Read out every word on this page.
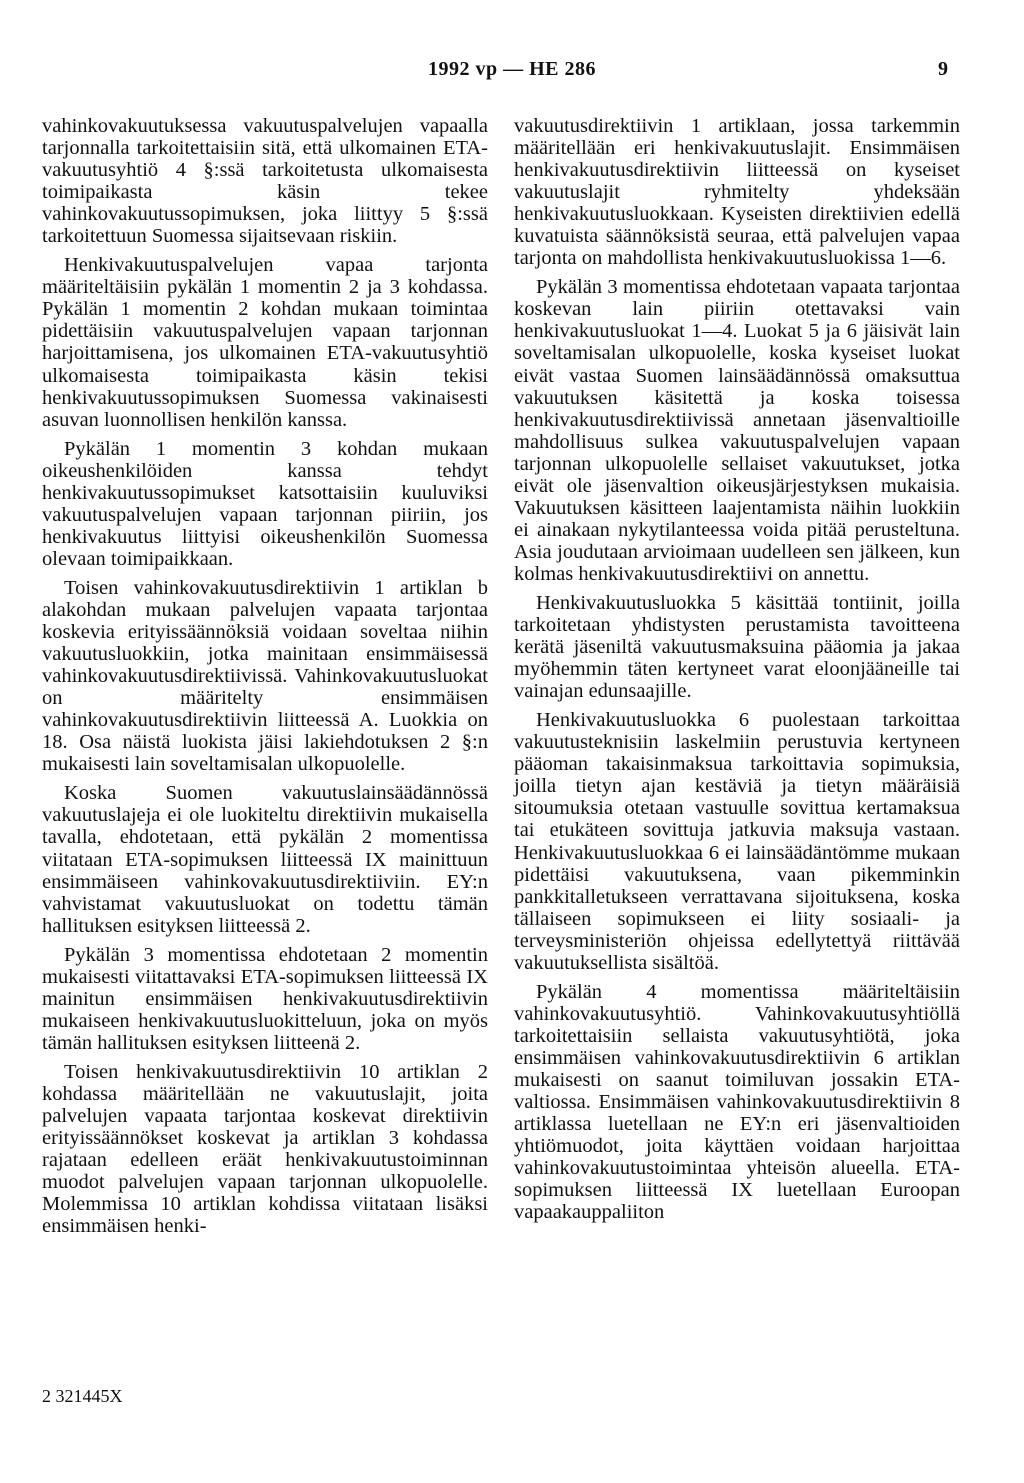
1992 vp — HE 286	9

vahinkovakuutuksessa vakuutuspalvelujen vapaalla tarjonnalla tarkoitettaisiin sitä, että ulkomainen ETA-vakuutusyhtiö 4 §:ssä tarkoitetusta ulkomaisesta toimipaikasta käsin tekee vahinkovakuutussopimuksen, joka liittyy 5 §:ssä tarkoitettuun Suomessa sijaitsevaan riskiin.

Henkivakuutuspalvelujen vapaa tarjonta määriteltäisiin pykälän 1 momentin 2 ja 3 kohdassa. Pykälän 1 momentin 2 kohdan mukaan toimintaa pidettäisiin vakuutuspalvelujen vapaan tarjonnan harjoittamisena, jos ulkomainen ETA-vakuutusyhtiö ulkomaisesta toimipaikasta käsin tekisi henkivakuutussopimuksen Suomessa vakinaisesti asuvan luonnollisen henkilön kanssa.

Pykälän 1 momentin 3 kohdan mukaan oikeushenkilöiden kanssa tehdyt henkivakuutussopimukset katsottaisiin kuuluviksi vakuutuspalvelujen vapaan tarjonnan piiriin, jos henkivakuutus liittyisi oikeushenkilön Suomessa olevaan toimipaikkaan.

Toisen vahinkovakuutusdirektiivin 1 artiklan b alakohdan mukaan palvelujen vapaata tarjontaa koskevia erityissäännöksiä voidaan soveltaa niihin vakuutusluokkiin, jotka mainitaan ensimmäisessä vahinkovakuutusdirektiivissä. Vahinkovakuutusluokat on määritelty ensimmäisen vahinkovakuutusdirektiivin liitteessä A. Luokkia on 18. Osa näistä luokista jäisi lakiehdotuksen 2 §:n mukaisesti lain soveltamisalan ulkopuolelle.

Koska Suomen vakuutuslainsäädännössä vakuutuslajeja ei ole luokiteltu direktiivin mukaisella tavalla, ehdotetaan, että pykälän 2 momentissa viitataan ETA-sopimuksen liitteessä IX mainittuun ensimmäiseen vahinkovakuutusdirektiiviin. EY:n vahvistamat vakuutusluokat on todettu tämän hallituksen esityksen liitteessä 2.

Pykälän 3 momentissa ehdotetaan 2 momentin mukaisesti viitattavaksi ETA-sopimuksen liitteessä IX mainitun ensimmäisen henkivakuutusdirektiivin mukaiseen henkivakuutusluokitteluun, joka on myös tämän hallituksen esityksen liitteenä 2.

Toisen henkivakuutusdirektiivin 10 artiklan 2 kohdassa määritellään ne vakuutuslajit, joita palvelujen vapaata tarjontaa koskevat direktiivin erityissäännökset koskevat ja artiklan 3 kohdassa rajataan edelleen eräät henkivakuutustoiminnan muodot palvelujen vapaan tarjonnan ulkopuolelle. Molemmissa 10 artiklan kohdissa viitataan lisäksi ensimmäisen henki-

vakuutusdirektiivin 1 artiklaan, jossa tarkemmin määritellään eri henkivakuutuslajit. Ensimmäisen henkivakuutusdirektiivin liitteessä on kyseiset vakuutuslajit ryhmitelty yhdeksään henkivakuutusluokkaan. Kyseisten direktiivien edellä kuvatuista säännöksistä seuraa, että palvelujen vapaa tarjonta on mahdollista henkivakuutusluokissa 1—6.

Pykälän 3 momentissa ehdotetaan vapaata tarjontaa koskevan lain piiriin otettavaksi vain henkivakuutusluokat 1—4. Luokat 5 ja 6 jäisivät lain soveltamisalan ulkopuolelle, koska kyseiset luokat eivät vastaa Suomen lainsäädännössä omaksuttua vakuutuksen käsitettä ja koska toisessa henkivakuutusdirektiivissä annetaan jäsenvaltioille mahdollisuus sulkea vakuutuspalvelujen vapaan tarjonnan ulkopuolelle sellaiset vakuutukset, jotka eivät ole jäsenvaltion oikeusjärjestyksen mukaisia. Vakuutuksen käsitteen laajentamista näihin luokkiin ei ainakaan nykytilanteessa voida pitää perusteltuna. Asia joudutaan arvioimaan uudelleen sen jälkeen, kun kolmas henkivakuutusdirektiivi on annettu.

Henkivakuutusluokka 5 käsittää tontiinit, joilla tarkoitetaan yhdistysten perustamista tavoitteena kerätä jäseniltä vakuutusmaksuina pääomia ja jakaa myöhemmin täten kertyneet varat eloonjääneille tai vainajan edunsaajille.

Henkivakuutusluokka 6 puolestaan tarkoittaa vakuutusteknisiin laskelmiin perustuvia kertyneen pääoman takaisinmaksua tarkoittavia sopimuksia, joilla tietyn ajan kestäviä ja tietyn määräisiä sitoumuksia otetaan vastuulle sovittua kertamaksua tai etukäteen sovittuja jatkuvia maksuja vastaan. Henkivakuutusluokkaa 6 ei lainsäädäntömme mukaan pidettäisi vakuutuksena, vaan pikemminkin pankkitalletukseen verrattavana sijoituksena, koska tällaiseen sopimukseen ei liity sosiaali- ja terveysministeriön ohjeissa edellytettyä riittävää vakuutuksellista sisältöä.

Pykälän 4 momentissa määriteltäisiin vahinkovakuutusyhtiö. Vahinkovakuutusyhtiöllä tarkoitettaisiin sellaista vakuutusyhtiötä, joka ensimmäisen vahinkovakuutusdirektiivin 6 artiklan mukaisesti on saanut toimiluvan jossakin ETA-valtiossa. Ensimmäisen vahinkovakuutusdirektiivin 8 artiklassa luetellaan ne EY:n eri jäsenvaltioiden yhtiömuodot, joita käyttäen voidaan harjoittaa vahinkovakuutustoimintaa yhteisön alueella. ETA-sopimuksen liitteessä IX luetellaan Euroopan vapaakauppaliiton

2 321445X
